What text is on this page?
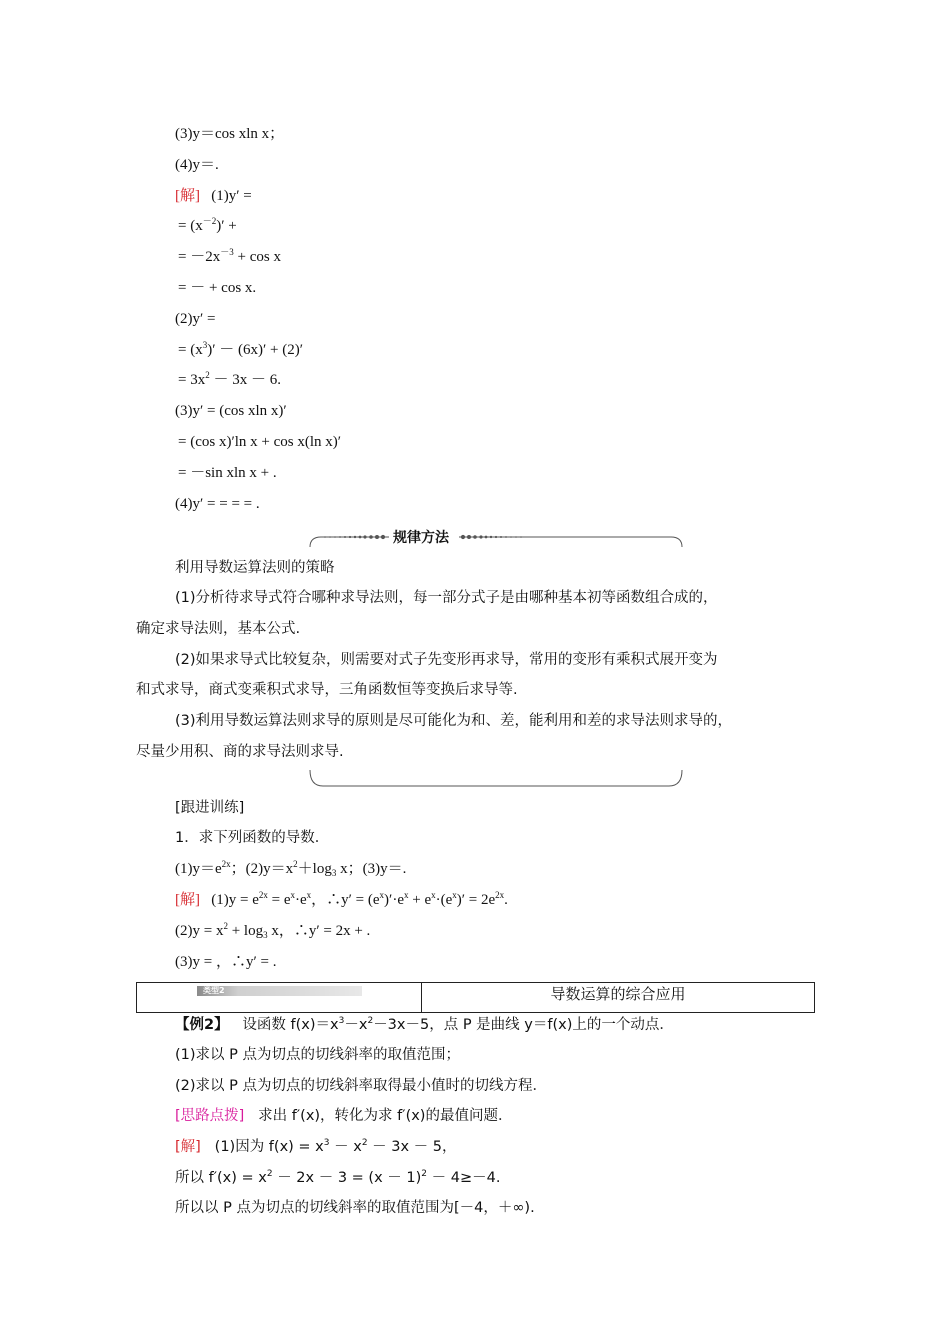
(3)y＝cos xln x；
(4)y＝.
[解] (1)y′ =
= $(x^{-2})'$ +
= $-2x^{-3} + \cos x$
= － + cos x.
(2)y′ =
= $(x^3)' - (6x)' + (2)'$
= $3x^2 - 3x - 6$.
(3)y′ = (cos xln x)′
= (cos x)′ln x + cos x(ln x)′
= －sin xln x + .
(4)y′ = = = = .
规律方法
利用导数运算法则的策略
(1)分析待求导式符合哪种求导法则，每一部分式子是由哪种基本初等函数组合成的，
确定求导法则，基本公式.
(2)如果求导式比较复杂，则需要对式子先变形再求导，常用的变形有乘积式展开变为
和式求导，商式变乘积式求导，三角函数恒等变换后求导等.
(3)利用导数运算法则求导的原则是尽可能化为和、差，能利用和差的求导法则求导的，
尽量少用积、商的求导法则求导.
[跟进训练]
1．求下列函数的导数．
$(1)y=e^{2x}$；$(2)y=x^2+\log_3$ x；(3)y＝.
[解] $(1)y = e^{2x} = e^x\cdot e^x$，∴y′ = $(e^x)'\cdot e^x + e^x\cdot(e^x)' = 2e^{2x}$.
$(2)y = x^2 + \log_3 x$，∴y′ = 2x + .
(3)y = ，∴y′ = .
类型2	导数运算的综合应用
【例2】 设函数 $f(x)=x^3-x^2-3x-5$，点 P 是曲线 y＝f(x)上的一个动点．
(1)求以 P 点为切点的切线斜率的取值范围；
(2)求以 P 点为切点的切线斜率取得最小值时的切线方程．
[思路点拨] 求出 f′(x)，转化为求 f′(x)的最值问题．
[解] (1)因为 $f(x) = x^3 - x^2 - 3x - 5$，
所以 $f'(x) = x^2 - 2x - 3 = (x - 1)^2 - 4\ge-4$.
所以以 P 点为切点的切线斜率的取值范围为[－4，＋∞).
